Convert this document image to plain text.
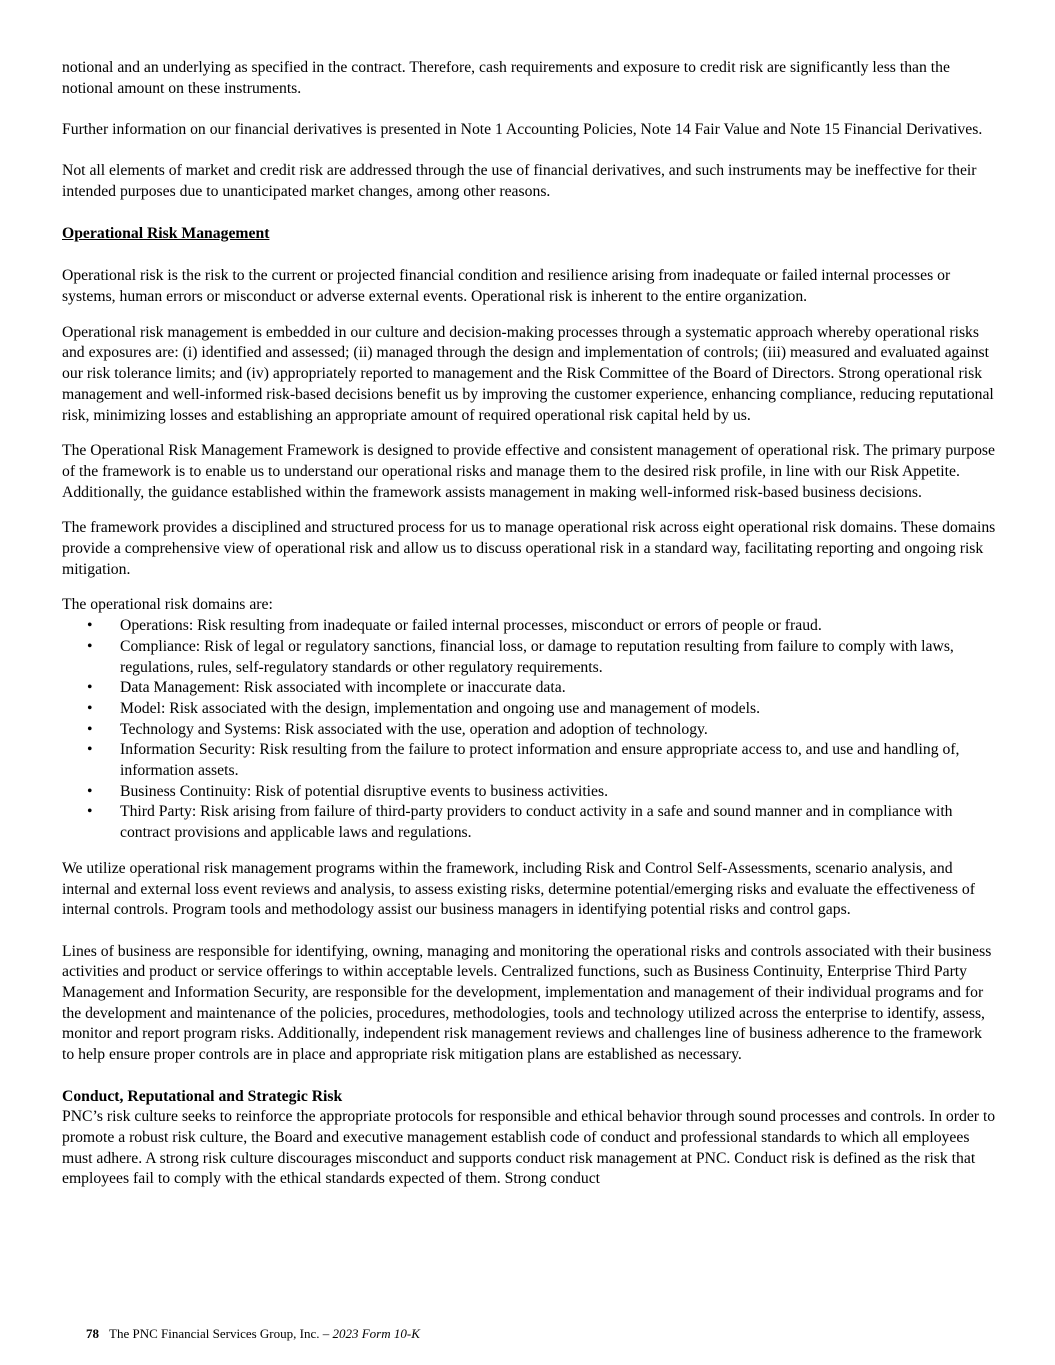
notional and an underlying as specified in the contract. Therefore, cash requirements and exposure to credit risk are significantly less than the notional amount on these instruments.

Further information on our financial derivatives is presented in Note 1 Accounting Policies, Note 14 Fair Value and Note 15 Financial Derivatives.

Not all elements of market and credit risk are addressed through the use of financial derivatives, and such instruments may be ineffective for their intended purposes due to unanticipated market changes, among other reasons.

Operational Risk Management

Operational risk is the risk to the current or projected financial condition and resilience arising from inadequate or failed internal processes or systems, human errors or misconduct or adverse external events. Operational risk is inherent to the entire organization.

Operational risk management is embedded in our culture and decision-making processes through a systematic approach whereby operational risks and exposures are: (i) identified and assessed; (ii) managed through the design and implementation of controls; (iii) measured and evaluated against our risk tolerance limits; and (iv) appropriately reported to management and the Risk Committee of the Board of Directors. Strong operational risk management and well-informed risk-based decisions benefit us by improving the customer experience, enhancing compliance, reducing reputational risk, minimizing losses and establishing an appropriate amount of required operational risk capital held by us.

The Operational Risk Management Framework is designed to provide effective and consistent management of operational risk. The primary purpose of the framework is to enable us to understand our operational risks and manage them to the desired risk profile, in line with our Risk Appetite. Additionally, the guidance established within the framework assists management in making well-informed risk-based business decisions.

The framework provides a disciplined and structured process for us to manage operational risk across eight operational risk domains. These domains provide a comprehensive view of operational risk and allow us to discuss operational risk in a standard way, facilitating reporting and ongoing risk mitigation.

The operational risk domains are:

• Operations: Risk resulting from inadequate or failed internal processes, misconduct or errors of people or fraud.
• Compliance: Risk of legal or regulatory sanctions, financial loss, or damage to reputation resulting from failure to comply with laws, regulations, rules, self-regulatory standards or other regulatory requirements.
• Data Management: Risk associated with incomplete or inaccurate data.
• Model: Risk associated with the design, implementation and ongoing use and management of models.
• Technology and Systems: Risk associated with the use, operation and adoption of technology.
• Information Security: Risk resulting from the failure to protect information and ensure appropriate access to, and use and handling of, information assets.
• Business Continuity: Risk of potential disruptive events to business activities.
• Third Party: Risk arising from failure of third-party providers to conduct activity in a safe and sound manner and in compliance with contract provisions and applicable laws and regulations.

We utilize operational risk management programs within the framework, including Risk and Control Self-Assessments, scenario analysis, and internal and external loss event reviews and analysis, to assess existing risks, determine potential/emerging risks and evaluate the effectiveness of internal controls. Program tools and methodology assist our business managers in identifying potential risks and control gaps.

Lines of business are responsible for identifying, owning, managing and monitoring the operational risks and controls associated with their business activities and product or service offerings to within acceptable levels. Centralized functions, such as Business Continuity, Enterprise Third Party Management and Information Security, are responsible for the development, implementation and management of their individual programs and for the development and maintenance of the policies, procedures, methodologies, tools and technology utilized across the enterprise to identify, assess, monitor and report program risks. Additionally, independent risk management reviews and challenges line of business adherence to the framework to help ensure proper controls are in place and appropriate risk mitigation plans are established as necessary.

Conduct, Reputational and Strategic Risk

PNC’s risk culture seeks to reinforce the appropriate protocols for responsible and ethical behavior through sound processes and controls. In order to promote a robust risk culture, the Board and executive management establish code of conduct and professional standards to which all employees must adhere. A strong risk culture discourages misconduct and supports conduct risk management at PNC. Conduct risk is defined as the risk that employees fail to comply with the ethical standards expected of them. Strong conduct

78 The PNC Financial Services Group, Inc. – 2023 Form 10-K
